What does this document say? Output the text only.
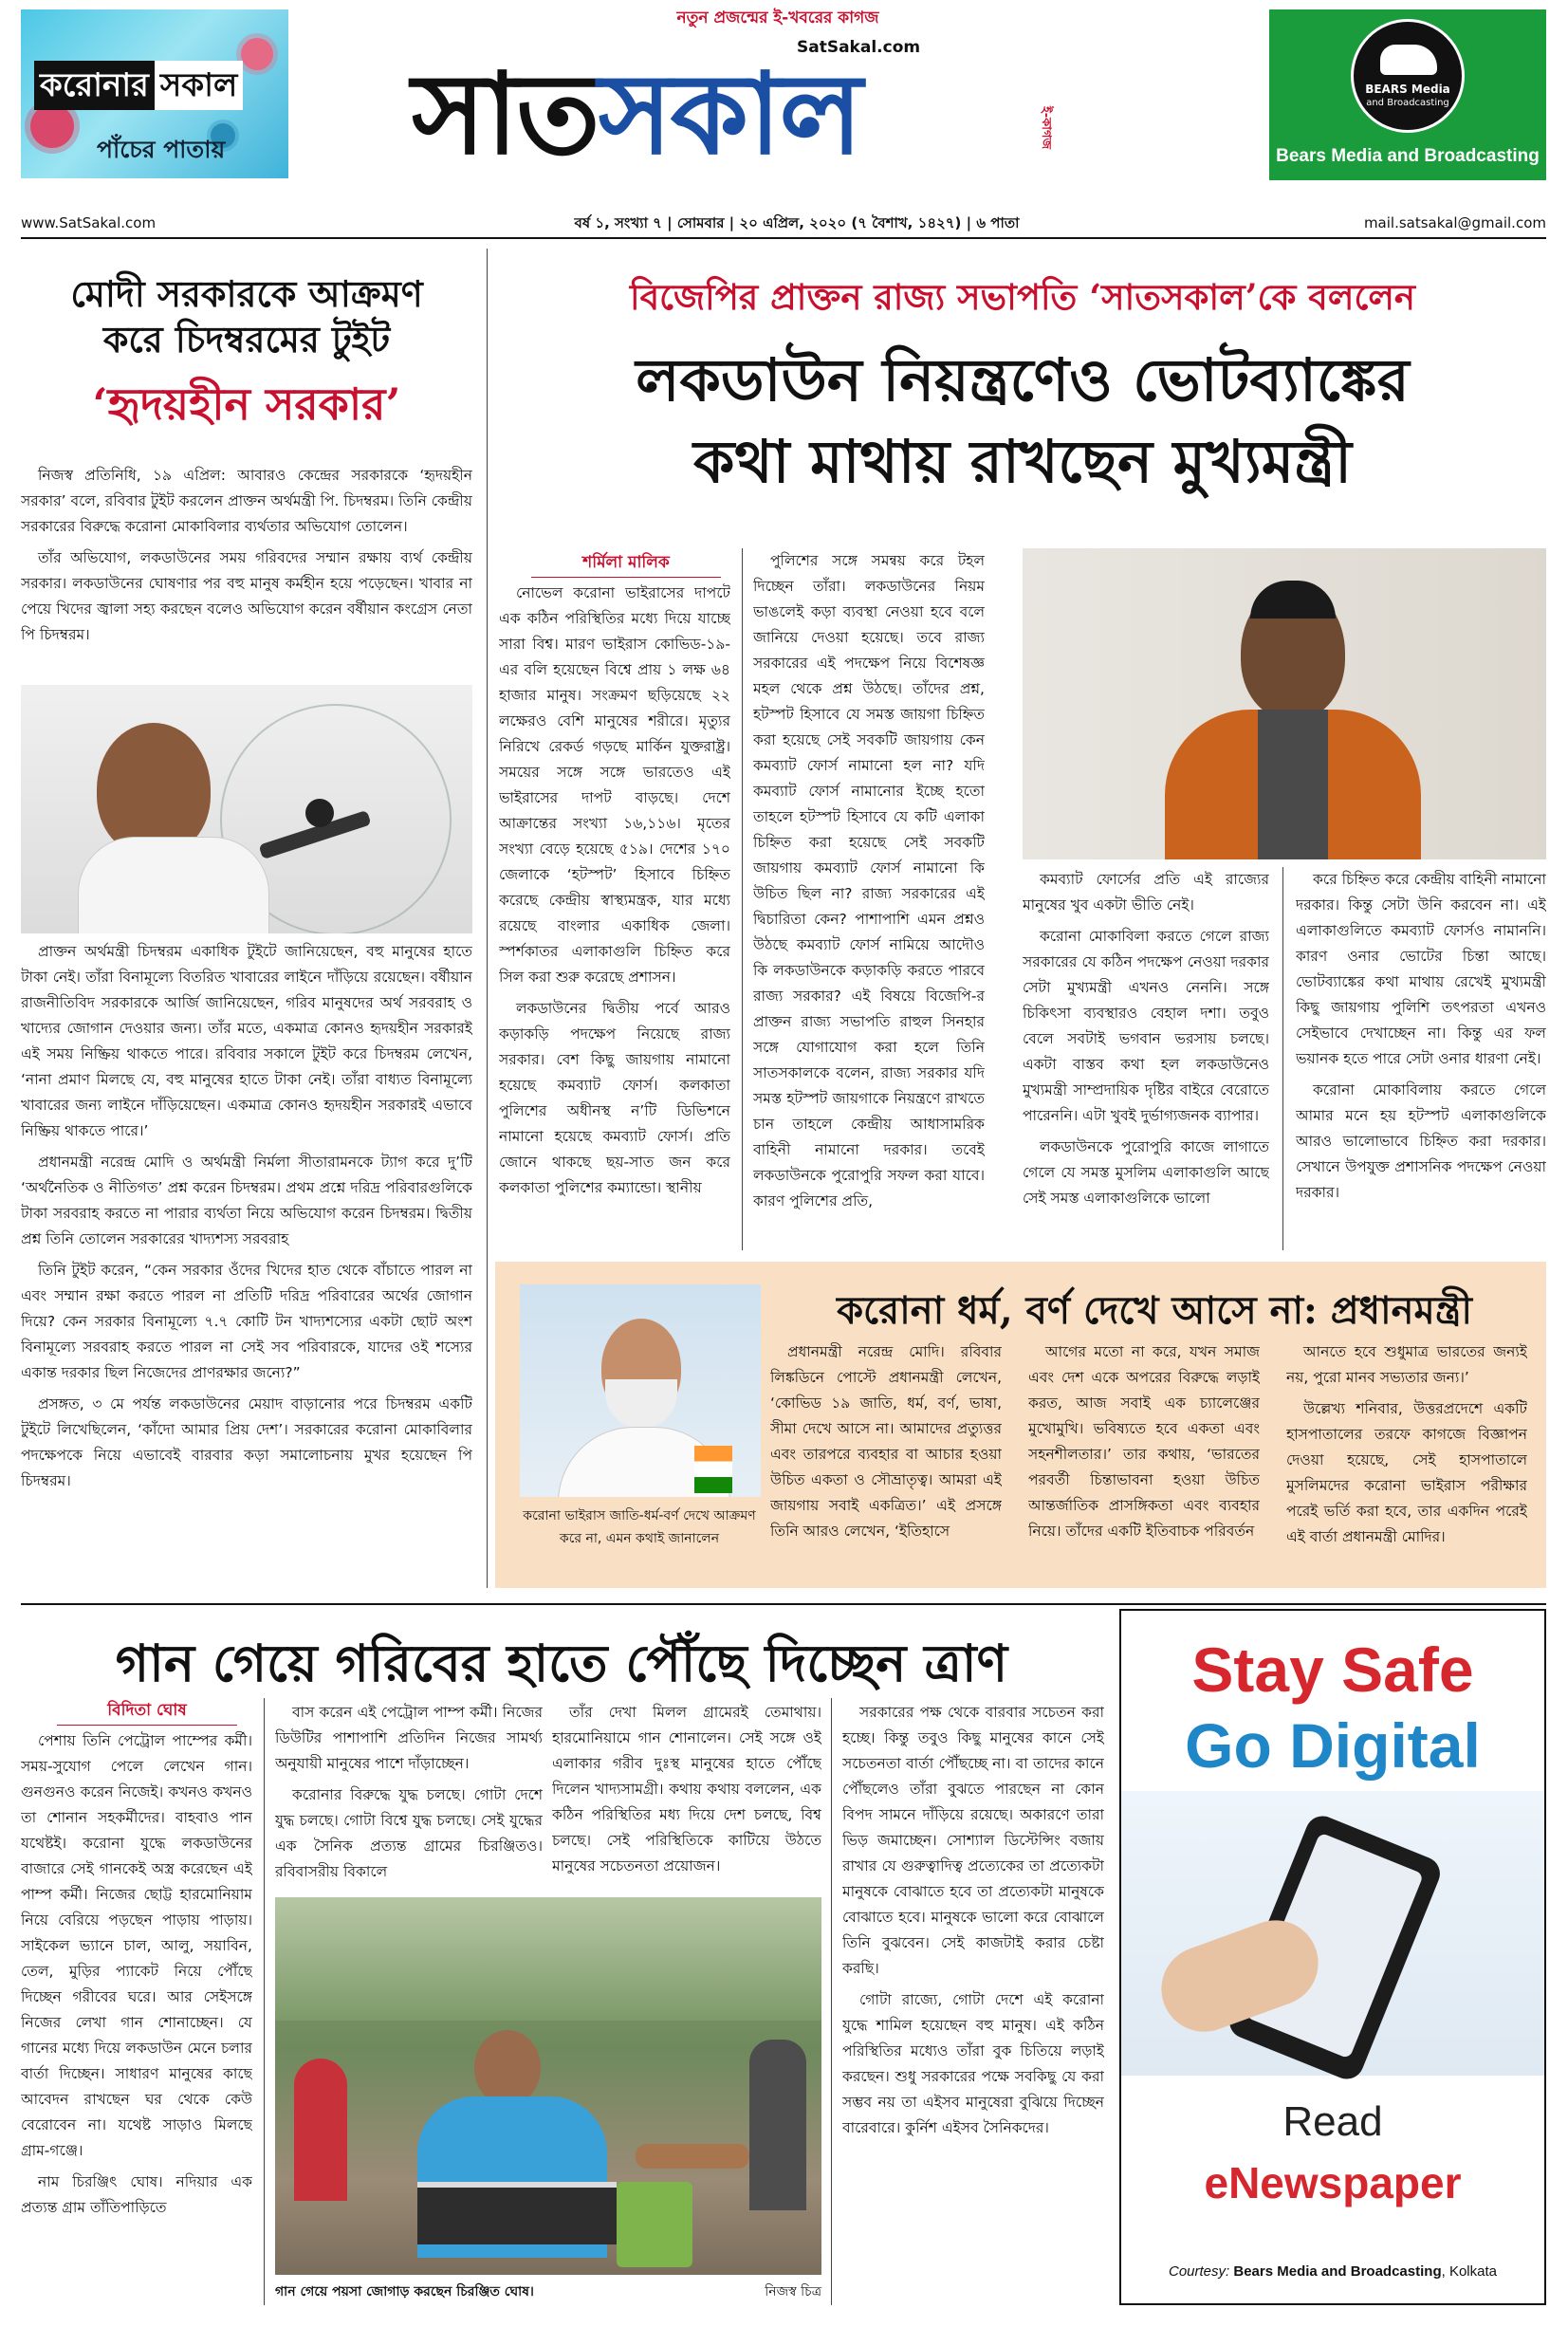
নতুন প্রজন্মের ই-খবরের কাগজ
করোনার সকাল
পাঁচের পাতায়
SatSakal.com
সাত সকাল	ই-কাগজ
BEARS Media
and Broadcasting
Bears Media and Broadcasting
www.SatSakal.com	বর্ষ ১, সংখ্যা ৭ | সোমবার | ২০ এপ্রিল, ২০২০ (৭ বৈশাখ, ১৪২৭) | ৬ পাতা	mail.satsakal@gmail.com
মোদী সরকারকে আক্রমণ
করে চিদম্বরমের টুইট
‘হৃদয়হীন সরকার’

নিজস্ব প্রতিনিধি, ১৯ এপ্রিল: আবারও কেন্দ্রের সরকারকে ‘হৃদয়হীন সরকার’ বলে, রবিবার টুইট করলেন প্রাক্তন অর্থমন্ত্রী পি. চিদম্বরম। তিনি কেন্দ্রীয় সরকারের বিরুদ্ধে করোনা মোকাবিলার ব্যর্থতার অভিযোগ তোলেন।

তাঁর অভিযোগ, লকডাউনের সময় গরিবদের সম্মান রক্ষায় ব্যর্থ কেন্দ্রীয় সরকার। লকডাউনের ঘোষণার পর বহু মানুষ কর্মহীন হয়ে পড়েছেন। খাবার না পেয়ে খিদের জ্বালা সহ্য করছেন বলেও অভিযোগ করেন বর্ষীয়ান কংগ্রেস নেতা পি চিদম্বরম।

প্রাক্তন অর্থমন্ত্রী চিদম্বরম একাধিক টুইটে জানিয়েছেন, বহু মানুষের হাতে টাকা নেই। তাঁরা বিনামূল্যে বিতরিত খাবারের লাইনে দাঁড়িয়ে রয়েছেন। বর্ষীয়ান রাজনীতিবিদ সরকারকে আর্জি জানিয়েছেন, গরিব মানুষদের অর্থ সরবরাহ ও খাদ্যের জোগান দেওয়ার জন্য। তাঁর মতে, একমাত্র কোনও হৃদয়হীন সরকারই এই সময় নিষ্ক্রিয় থাকতে পারে। রবিবার সকালে টুইট করে চিদম্বরম লেখেন, ‘নানা প্রমাণ মিলছে যে, বহু মানুষের হাতে টাকা নেই। তাঁরা বাধ্যত বিনামূল্যে খাবারের জন্য লাইনে দাঁড়িয়েছেন। একমাত্র কোনও হৃদয়হীন সরকারই এভাবে নিষ্ক্রিয় থাকতে পারে।’

প্রধানমন্ত্রী নরেন্দ্র মোদি ও অর্থমন্ত্রী নির্মলা সীতারামনকে ট্যাগ করে দু’টি ‘অর্থনৈতিক ও নীতিগত’ প্রশ্ন করেন চিদম্বরম। প্রথম প্রশ্নে দরিদ্র পরিবারগুলিকে টাকা সরবরাহ করতে না পারার ব্যর্থতা নিয়ে অভিযোগ করেন চিদম্বরম। দ্বিতীয় প্রশ্ন তিনি তোলেন সরকারের খাদ্যশস্য সরবরাহ

তিনি টুইট করেন, “কেন সরকার ওঁদের খিদের হাত থেকে বাঁচাতে পারল না এবং সম্মান রক্ষা করতে পারল না প্রতিটি দরিদ্র পরিবারের অর্থের জোগান দিয়ে? কেন সরকার বিনামূল্যে ৭.৭ কোটি টন খাদ্যশস্যের একটা ছোট অংশ বিনামূল্যে সরবরাহ করতে পারল না সেই সব পরিবারকে, যাদের ওই শস্যের একান্ত দরকার ছিল নিজেদের প্রাণরক্ষার জন্যে?”

প্রসঙ্গত, ৩ মে পর্যন্ত লকডাউনের মেয়াদ বাড়ানোর পরে চিদম্বরম একটি টুইটে লিখেছিলেন, ‘কাঁদো আমার প্রিয় দেশ’। সরকারের করোনা মোকাবিলার পদক্ষেপকে নিয়ে এভাবেই বারবার কড়া সমালোচনায় মুখর হয়েছেন পি চিদম্বরম।

বিজেপির প্রাক্তন রাজ্য সভাপতি ‘সাতসকাল’কে বললেন
লকডাউন নিয়ন্ত্রণেও ভোটব্যাঙ্কের
কথা মাথায় রাখছেন মুখ্যমন্ত্রী
শর্মিলা মালিক

নোভেল করোনা ভাইরাসের দাপটে এক কঠিন পরিস্থিতির মধ্যে দিয়ে যাচ্ছে সারা বিশ্ব। মারণ ভাইরাস কোভিড-১৯-এর বলি হয়েছেন বিশ্বে প্রায় ১ লক্ষ ৬৪ হাজার মানুষ। সংক্রমণ ছড়িয়েছে ২২ লক্ষেরও বেশি মানুষের শরীরে। মৃত্যুর নিরিখে রেকর্ড গড়ছে মার্কিন যুক্তরাষ্ট্র। সময়ের সঙ্গে সঙ্গে ভারতেও এই ভাইরাসের দাপট বাড়ছে। দেশে আক্রান্তের সংখ্যা ১৬,১১৬। মৃতের সংখ্যা বেড়ে হয়েছে ৫১৯। দেশের ১৭০ জেলাকে ‘হটস্পট’ হিসাবে চিহ্নিত করেছে কেন্দ্রীয় স্বাস্থ্যমন্ত্রক, যার মধ্যে রয়েছে বাংলার একাধিক জেলা। স্পর্শকাতর এলাকাগুলি চিহ্নিত করে সিল করা শুরু করেছে প্রশাসন।

লকডাউনের দ্বিতীয় পর্বে আরও কড়াকড়ি পদক্ষেপ নিয়েছে রাজ্য সরকার। বেশ কিছু জায়গায় নামানো হয়েছে কমব্যাট ফোর্স। কলকাতা পুলিশের অধীনস্থ ন’টি ডিভিশনে নামানো হয়েছে কমব্যাট ফোর্স। প্রতি জোনে থাকছে ছয়-সাত জন করে কলকাতা পুলিশের কম্যান্ডো। স্থানীয়

পুলিশের সঙ্গে সমন্বয় করে টহল দিচ্ছেন তাঁরা। লকডাউনের নিয়ম ভাঙলেই কড়া ব্যবস্থা নেওয়া হবে বলে জানিয়ে দেওয়া হয়েছে। তবে রাজ্য সরকারের এই পদক্ষেপ নিয়ে বিশেষজ্ঞ মহল থেকে প্রশ্ন উঠছে। তাঁদের প্রশ্ন, হটস্পট হিসাবে যে সমস্ত জায়গা চিহ্নিত করা হয়েছে সেই সবকটি জায়গায় কেন কমব্যাট ফোর্স নামানো হল না? যদি কমব্যাট ফোর্স নামানোর ইচ্ছে হতো তাহলে হটস্পট হিসাবে যে কটি এলাকা চিহ্নিত করা হয়েছে সেই সবকটি জায়গায় কমব্যাট ফোর্স নামানো কি উচিত ছিল না? রাজ্য সরকারের এই দ্বিচারিতা কেন? পাশাপাশি এমন প্রশ্নও উঠছে কমব্যাট ফোর্স নামিয়ে আদৌও কি লকডাউনকে কড়াকড়ি করতে পারবে রাজ্য সরকার? এই বিষয়ে বিজেপি-র প্রাক্তন রাজ্য সভাপতি রাহুল সিনহার সঙ্গে যোগাযোগ করা হলে তিনি সাতসকালকে বলেন, রাজ্য সরকার যদি সমস্ত হটস্পট জায়গাকে নিয়ন্ত্রণে রাখতে চান তাহলে কেন্দ্রীয় আধাসামরিক বাহিনী নামানো দরকার। তবেই লকডাউনকে পুরোপুরি সফল করা যাবে। কারণ পুলিশের প্রতি,

কমব্যাট ফোর্সের প্রতি এই রাজ্যের মানুষের খুব একটা ভীতি নেই।

করোনা মোকাবিলা করতে গেলে রাজ্য সরকারের যে কঠিন পদক্ষেপ নেওয়া দরকার সেটা মুখ্যমন্ত্রী এখনও নেননি। সঙ্গে চিকিৎসা ব্যবস্থারও বেহাল দশা। তবুও বেলে সবটাই ভগবান ভরসায় চলছে। একটা বাস্তব কথা হল লকডাউনেও মুখ্যমন্ত্রী সাম্প্রদায়িক দৃষ্টির বাইরে বেরোতে পারেননি। এটা খুবই দুর্ভাগ্যজনক ব্যাপার।

লকডাউনকে পুরোপুরি কাজে লাগাতে গেলে যে সমস্ত মুসলিম এলাকাগুলি আছে সেই সমস্ত এলাকাগুলিকে ভালো

করে চিহ্নিত করে কেন্দ্রীয় বাহিনী নামানো দরকার। কিন্তু সেটা উনি করবেন না। এই এলাকাগুলিতে কমব্যাট ফোর্সও নামাননি। কারণ ওনার ভোটের চিন্তা আছে। ভোটব্যাঙ্কের কথা মাথায় রেখেই মুখ্যমন্ত্রী কিছু জায়গায় পুলিশি তৎপরতা এখনও সেইভাবে দেখাচ্ছেন না। কিন্তু এর ফল ভয়ানক হতে পারে সেটা ওনার ধারণা নেই।

করোনা মোকাবিলায় করতে গেলে আমার মনে হয় হটস্পট এলাকাগুলিকে আরও ভালোভাবে চিহ্নিত করা দরকার। সেখানে উপযুক্ত প্রশাসনিক পদক্ষেপ নেওয়া দরকার।

করোনা ধর্ম, বর্ণ দেখে আসে না: প্রধানমন্ত্রী
করোনা ভাইরাস জাতি-ধর্ম-বর্ণ দেখে আক্রমণ করে না, এমন কথাই জানালেন

প্রধানমন্ত্রী নরেন্দ্র মোদি। রবিবার লিঙ্কডিনে পোস্টে প্রধানমন্ত্রী লেখেন, ‘কোভিড ১৯ জাতি, ধর্ম, বর্ণ, ভাষা, সীমা দেখে আসে না। আমাদের প্রত্যুত্তর এবং তারপরে ব্যবহার বা আচার হওয়া উচিত একতা ও সৌভ্রাতৃত্ব। আমরা এই জায়গায় সবাই একত্রিত।’ এই প্রসঙ্গে তিনি আরও লেখেন, ‘ইতিহাসে

আগের মতো না করে, যখন সমাজ এবং দেশ একে অপরের বিরুদ্ধে লড়াই করত, আজ সবাই এক চ্যালেঞ্জের মুখোমুখি। ভবিষ্যতে হবে একতা এবং সহনশীলতার।’ তার কথায়, ‘ভারতের পরবর্তী চিন্তাভাবনা হওয়া উচিত আন্তর্জাতিক প্রাসঙ্গিকতা এবং ব্যবহার নিয়ে। তাঁদের একটি ইতিবাচক পরিবর্তন

আনতে হবে শুধুমাত্র ভারতের জন্যই নয়, পুরো মানব সভ্যতার জন্য।’

উল্লেখ্য শনিবার, উত্তরপ্রদেশে একটি হাসপাতালের তরফে কাগজে বিজ্ঞাপন দেওয়া হয়েছে, সেই হাসপাতালে মুসলিমদের করোনা ভাইরাস পরীক্ষার পরেই ভর্তি করা হবে, তার একদিন পরেই এই বার্তা প্রধানমন্ত্রী মোদির।

গান গেয়ে গরিবের হাতে পৌঁছে দিচ্ছেন ত্রাণ
বিদিতা ঘোষ

পেশায় তিনি পেট্রোল পাম্পের কর্মী। সময়-সুযোগ পেলে লেখেন গান। গুনগুনও করেন নিজেই। কখনও কখনও তা শোনান সহকর্মীদের। বাহবাও পান যথেষ্টই। করোনা যুদ্ধে লকডাউনের বাজারে সেই গানকেই অস্ত্র করেছেন এই পাম্প কর্মী। নিজের ছোট্ট হারমোনিয়াম নিয়ে বেরিয়ে পড়ছেন পাড়ায় পাড়ায়। সাইকেল ভ্যানে চাল, আলু, সয়াবিন, তেল, মুড়ির প্যাকেট নিয়ে পৌঁছে দিচ্ছেন গরীবের ঘরে। আর সেইসঙ্গে নিজের লেখা গান শোনাচ্ছেন। যে গানের মধ্যে দিয়ে লকডাউন মেনে চলার বার্তা দিচ্ছেন। সাধারণ মানুষের কাছে আবেদন রাখছেন ঘর থেকে কেউ বেরোবেন না। যথেষ্ট সাড়াও মিলছে গ্রাম-গঞ্জে।

নাম চিরঞ্জিৎ ঘোষ। নদিয়ার এক প্রত্যন্ত গ্রাম তাঁতিপাড়িতে

বাস করেন এই পেট্রোল পাম্প কর্মী। নিজের ডিউটির পাশাপাশি প্রতিদিন নিজের সামর্থ্য অনুযায়ী মানুষের পাশে দাঁড়াচ্ছেন।

করোনার বিরুদ্ধে যুদ্ধ চলছে। গোটা দেশে যুদ্ধ চলছে। গোটা বিশ্বে যুদ্ধ চলছে। সেই যুদ্ধের এক সৈনিক প্রত্যন্ত গ্রামের চিরঞ্জিতও। রবিবাসরীয় বিকালে

তাঁর দেখা মিলল গ্রামেরই তেমাথায়। হারমোনিয়ামে গান শোনালেন। সেই সঙ্গে ওই এলাকার গরীব দুঃস্থ মানুষের হাতে পৌঁছে দিলেন খাদ্যসামগ্রী। কথায় কথায় বললেন, এক কঠিন পরিস্থিতির মধ্য দিয়ে দেশ চলছে, বিশ্ব চলছে। সেই পরিস্থিতিকে কাটিয়ে উঠতে মানুষের সচেতনতা প্রয়োজন।

সরকারের পক্ষ থেকে বারবার সচেতন করা হচ্ছে। কিন্তু তবুও কিছু মানুষের কানে সেই সচেতনতা বার্তা পৌঁছচ্ছে না। বা তাদের কানে পৌঁছলেও তাঁরা বুঝতে পারছেন না কোন বিপদ সামনে দাঁড়িয়ে রয়েছে। অকারণে তারা ভিড় জমাচ্ছেন। সোশ্যাল ডিস্টেন্সিং বজায় রাখার যে গুরুত্বাদিত্ব প্রত্যেকের তা প্রত্যেকটা মানুষকে বোঝাতে হবে তা প্রত্যেকটা মানুষকে বোঝাতে হবে। মানুষকে ভালো করে বোঝালে তিনি বুঝবেন। সেই কাজটাই করার চেষ্টা করছি।

গোটা রাজ্যে, গোটা দেশে এই করোনা যুদ্ধে শামিল হয়েছেন বহু মানুষ। এই কঠিন পরিস্থিতির মধ্যেও তাঁরা বুক চিতিয়ে লড়াই করছেন। শুধু সরকারের পক্ষে সবকিছু যে করা সম্ভব নয় তা এইসব মানুষেরা বুঝিয়ে দিচ্ছেন বারেবারে। কুর্নিশ এইসব সৈনিকদের।

গান গেয়ে পয়সা জোগাড় করছেন চিরঞ্জিত ঘোষ।	নিজস্ব চিত্র
Stay Safe
Go Digital
Read
eNewspaper
Courtesy: Bears Media and Broadcasting, Kolkata
